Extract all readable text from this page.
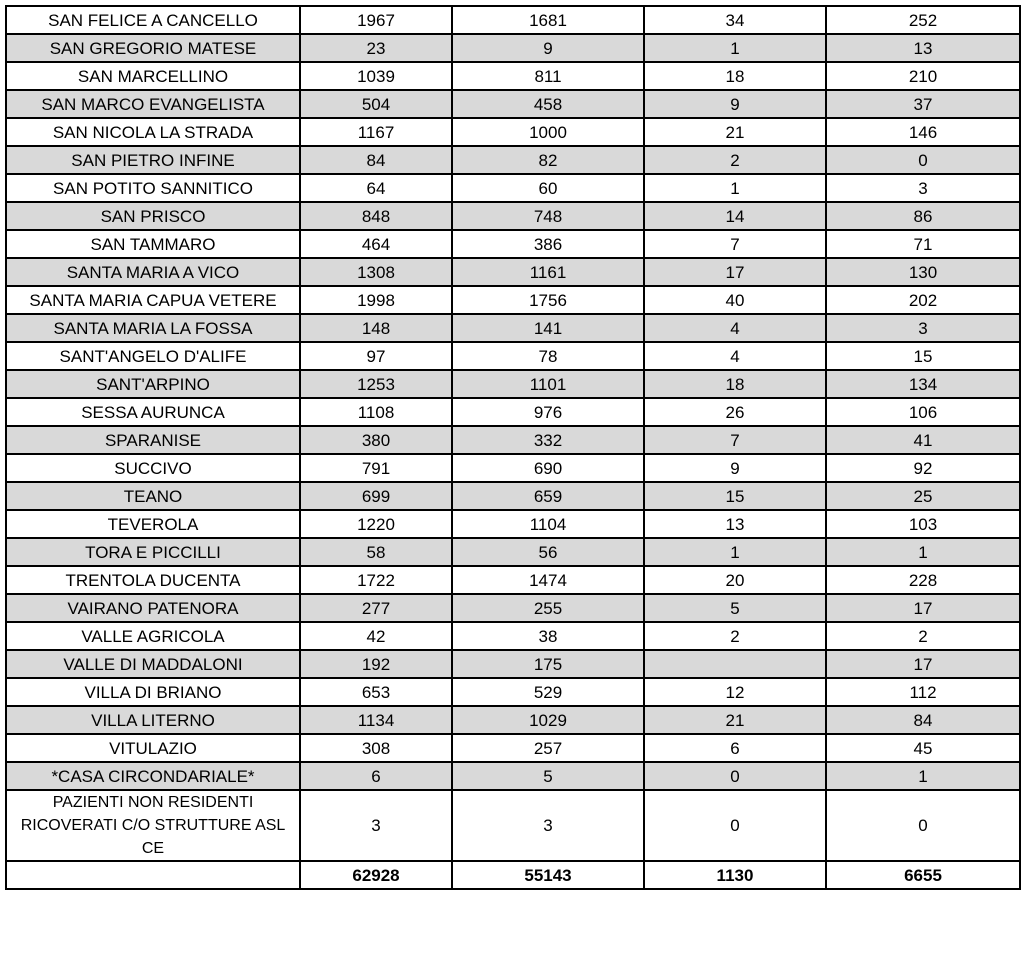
SAN FELICE A CANCELLO	1967	1681	34	252
SAN GREGORIO MATESE	23	9	1	13
SAN MARCELLINO	1039	811	18	210
SAN MARCO EVANGELISTA	504	458	9	37
SAN NICOLA LA STRADA	1167	1000	21	146
SAN PIETRO INFINE	84	82	2	0
SAN POTITO SANNITICO	64	60	1	3
SAN PRISCO	848	748	14	86
SAN TAMMARO	464	386	7	71
SANTA MARIA A VICO	1308	1161	17	130
SANTA MARIA CAPUA VETERE	1998	1756	40	202
SANTA MARIA LA FOSSA	148	141	4	3
SANT'ANGELO D'ALIFE	97	78	4	15
SANT'ARPINO	1253	1101	18	134
SESSA AURUNCA	1108	976	26	106
SPARANISE	380	332	7	41
SUCCIVO	791	690	9	92
TEANO	699	659	15	25
TEVEROLA	1220	1104	13	103
TORA E PICCILLI	58	56	1	1
TRENTOLA DUCENTA	1722	1474	20	228
VAIRANO PATENORA	277	255	5	17
VALLE AGRICOLA	42	38	2	2
VALLE DI MADDALONI	192	175		17
VILLA DI BRIANO	653	529	12	112
VILLA LITERNO	1134	1029	21	84
VITULAZIO	308	257	6	45
*CASA CIRCONDARIALE*	6	5	0	1
PAZIENTI NON RESIDENTI RICOVERATI C/O STRUTTURE ASL CE	3	3	0	0
	62928	55143	1130	6655
